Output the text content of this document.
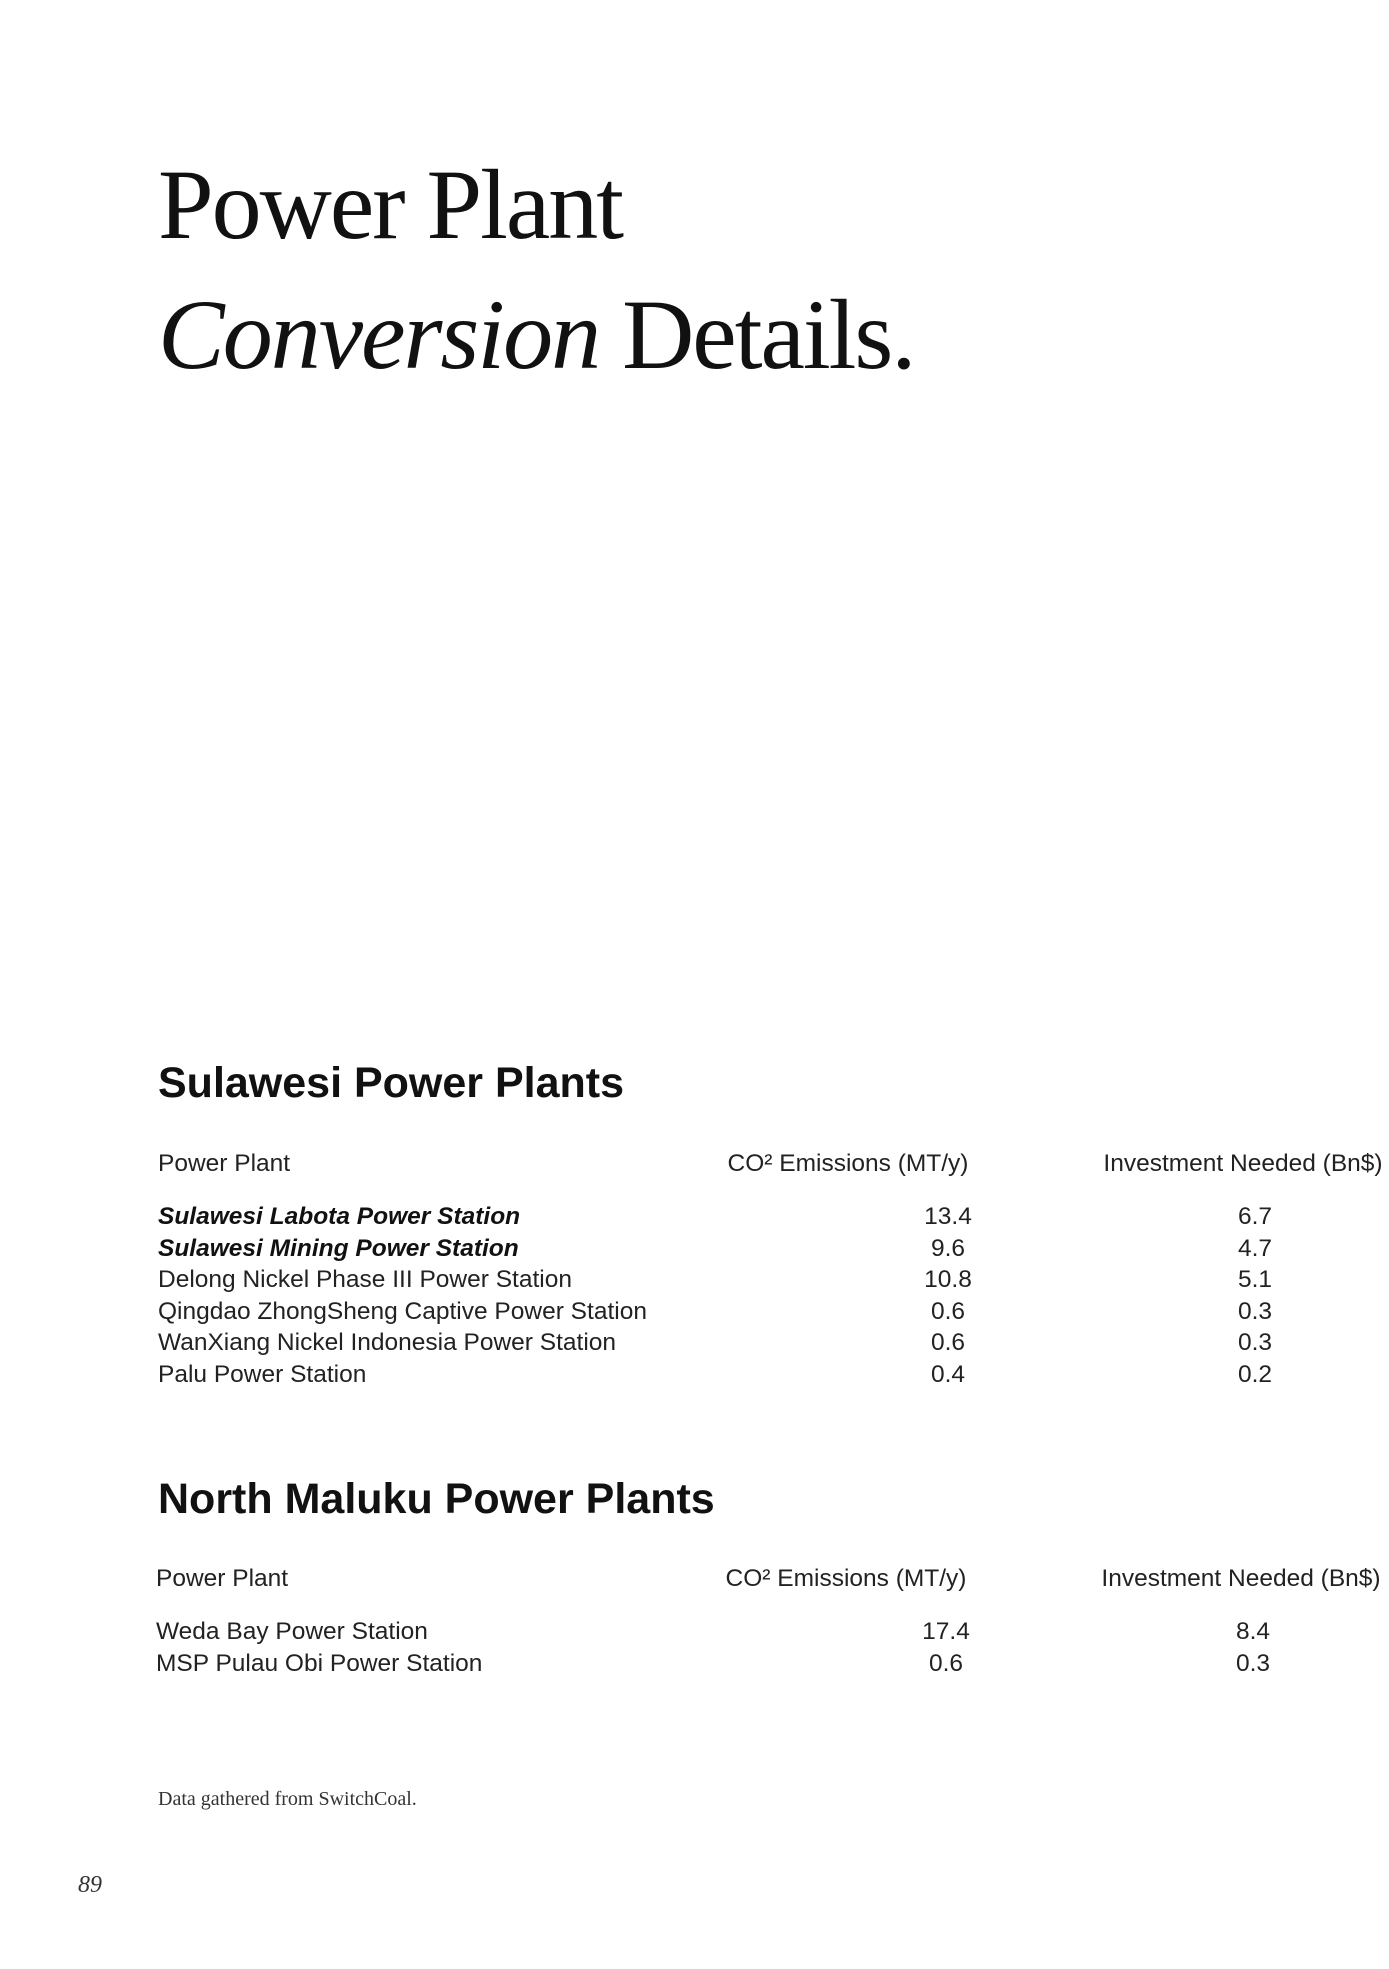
Power Plant
Conversion Details.
Sulawesi Power Plants
Power Plant	CO² Emissions (MT/y)	Investment Needed (Bn$)
Sulawesi Labota Power Station	13.4	6.7
Sulawesi Mining Power Station	9.6	4.7
Delong Nickel Phase III Power Station	10.8	5.1
Qingdao ZhongSheng Captive Power Station	0.6	0.3
WanXiang Nickel Indonesia Power Station	0.6	0.3
Palu Power Station	0.4	0.2
North Maluku Power Plants
Power Plant	CO² Emissions (MT/y)	Investment Needed (Bn$)
Weda Bay Power Station	17.4	8.4
MSP Pulau Obi Power Station	0.6	0.3
Data gathered from SwitchCoal.
89
